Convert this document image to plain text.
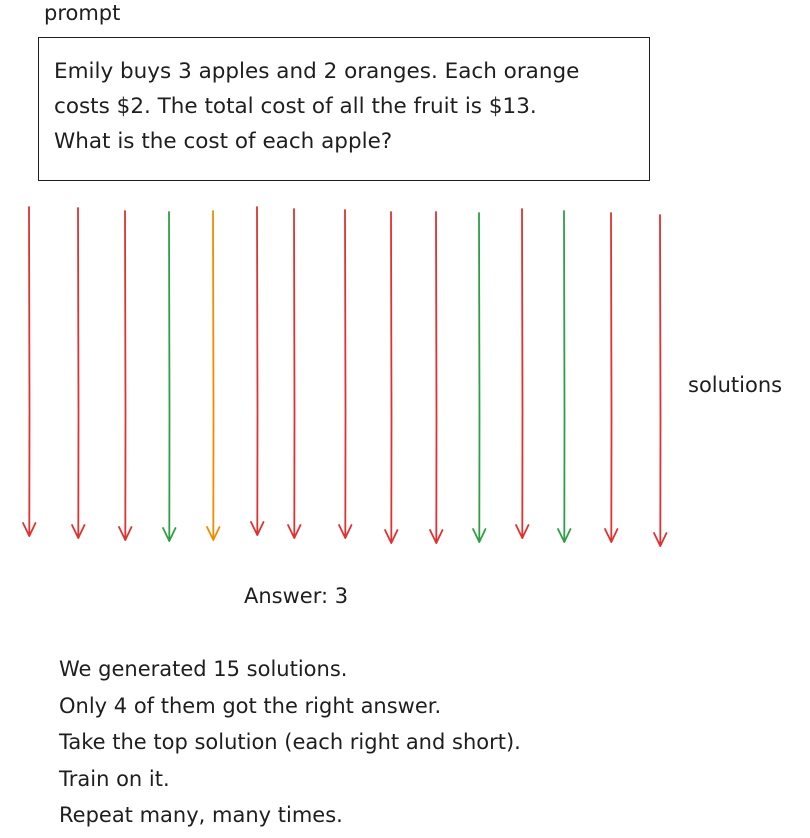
prompt

Emily buys 3 apples and 2 oranges. Each orange
costs $2. The total cost of all the fruit is $13.
What is the cost of each apple?

solutions
Answer: 3
We generated 15 solutions.
Only 4 of them got the right answer.
Take the top solution (each right and short).
Train on it.
Repeat many, many times.
